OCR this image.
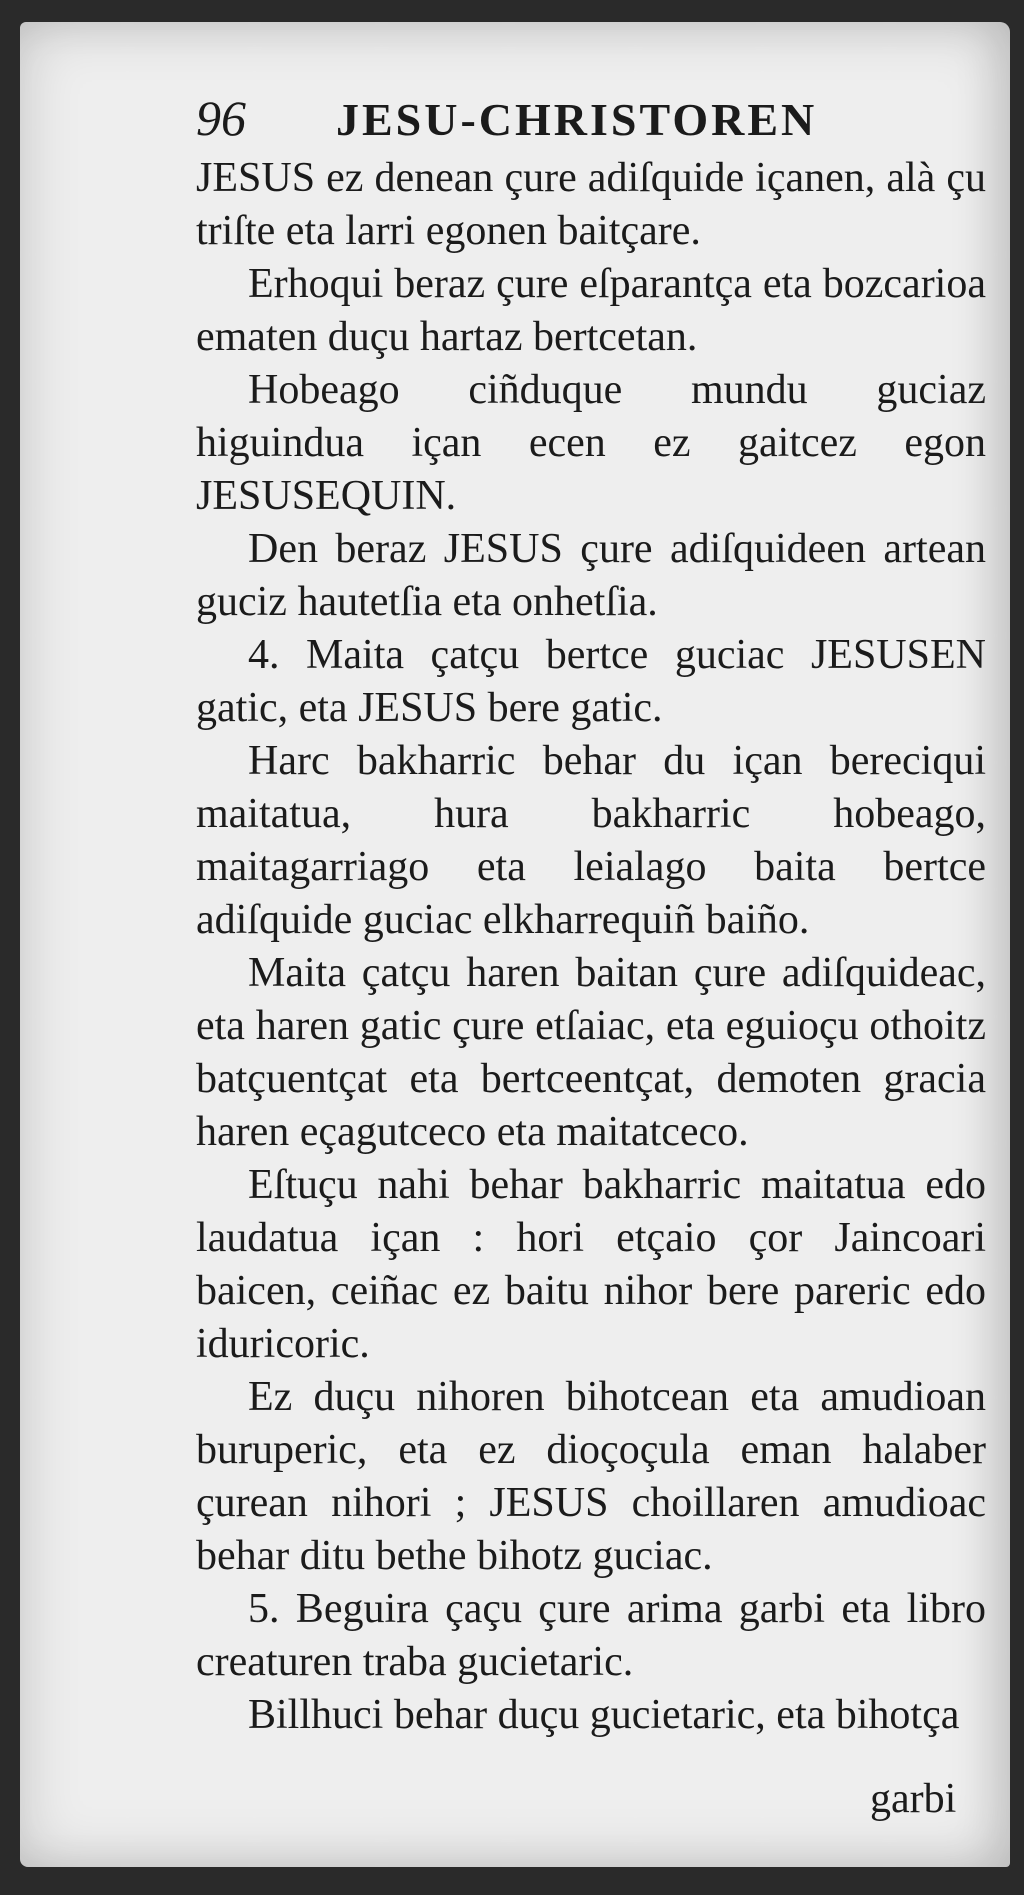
96	JESU-CHRISTOREN

JESUS ez denean çure adiſquide içanen, alà çu triſte eta larri egonen baitçare.

Erhoqui beraz çure eſparantça eta bozcarioa ematen duçu hartaz bertcetan.

Hobeago ciñduque mundu guciaz higuindua içan ecen ez gaitcez egon JESUSEQUIN.

Den beraz JESUS çure adiſquideen artean guciz hautetſia eta onhetſia.

4. Maita çatçu bertce guciac JESUSEN gatic, eta JESUS bere gatic.

Harc bakharric behar du içan bereciqui maitatua, hura bakharric hobeago, maitagarriago eta leialago baita bertce adiſquide guciac elkharrequiñ baiño.

Maita çatçu haren baitan çure adiſquideac, eta haren gatic çure etſaiac, eta eguioçu othoitz batçuentçat eta bertceentçat, demoten gracia haren eçagutceco eta maitatceco.

Eſtuçu nahi behar bakharric maitatua edo laudatua içan : hori etçaio çor Jaincoari baicen, ceiñac ez baitu nihor bere pareric edo iduricoric.

Ez duçu nihoren bihotcean eta amudioan buruperic, eta ez dioçoçula eman halaber çurean nihori ; JESUS choillaren amudioac behar ditu bethe bihotz guciac.

5. Beguira çaçu çure arima garbi eta libro creaturen traba gucietaric.

Billhuci behar duçu gucietaric, eta bihotça

garbi
